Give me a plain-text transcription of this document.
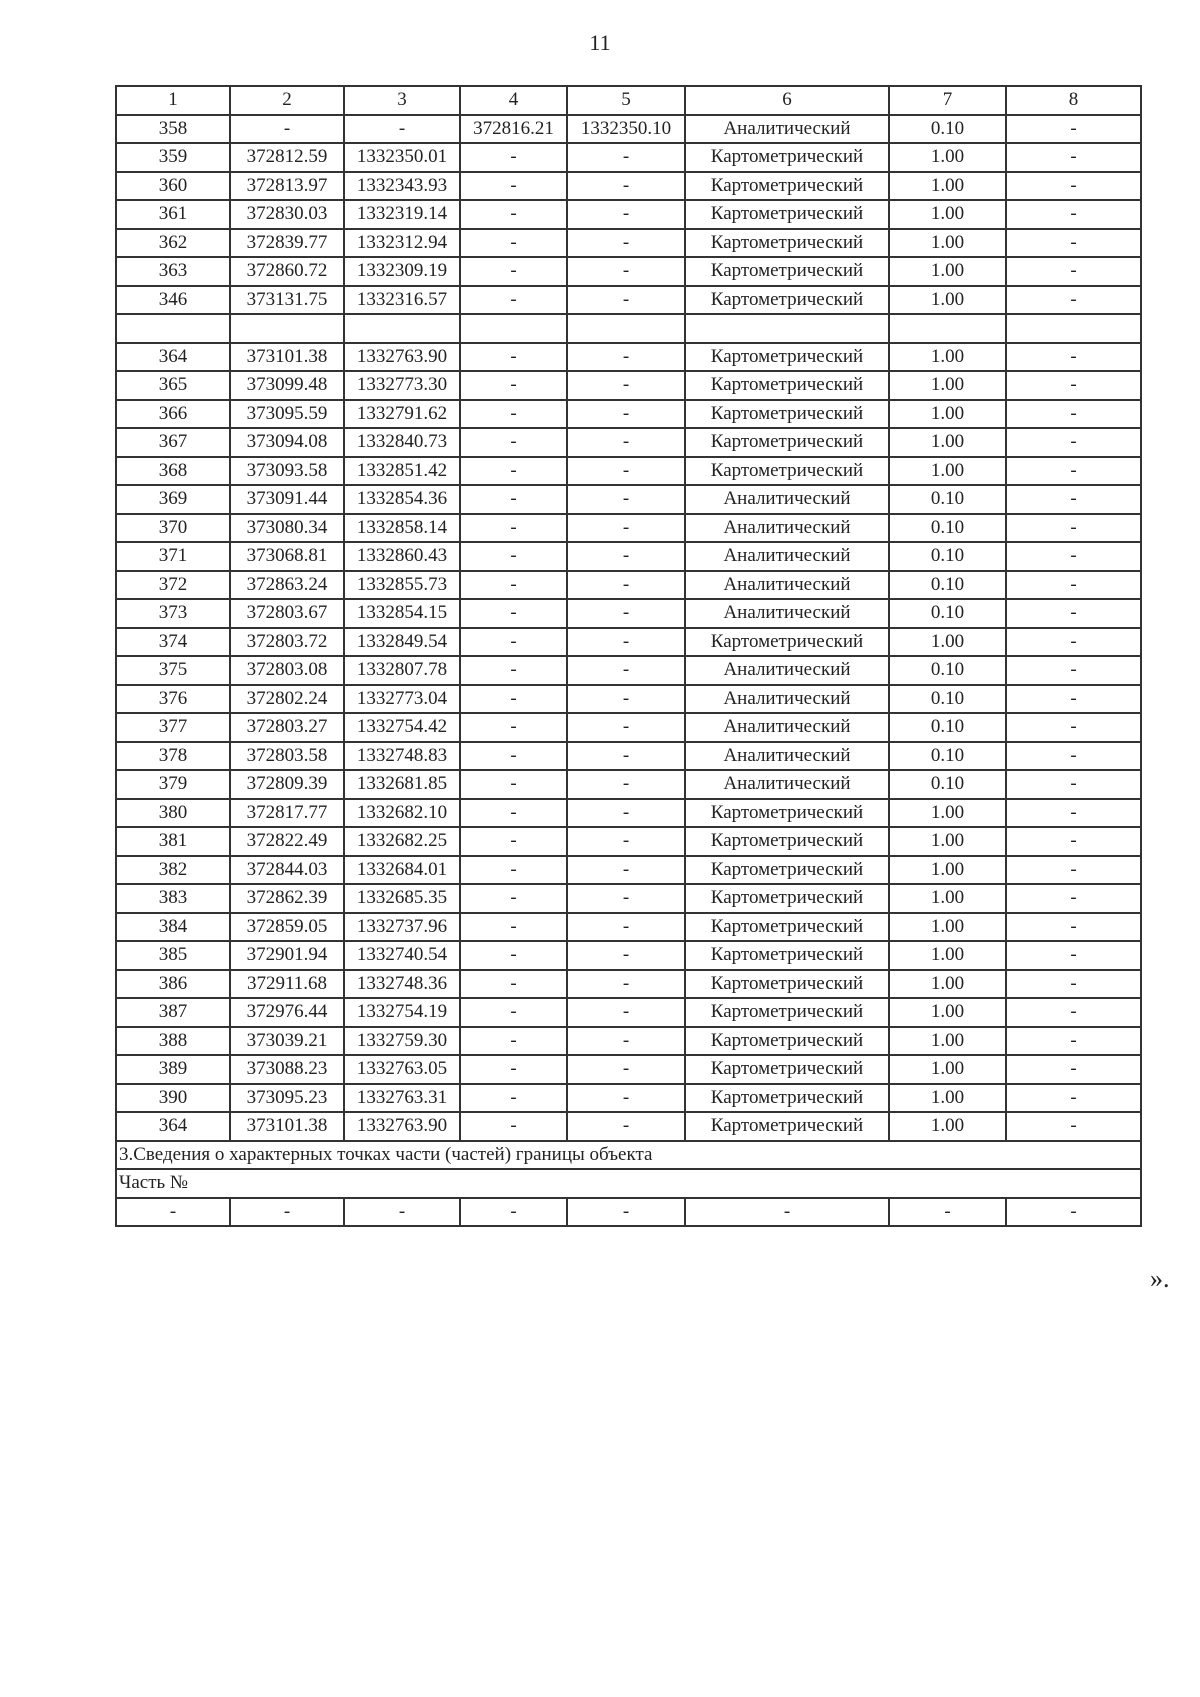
11
1	2	3	4	5	6	7	8
358	-	-	372816.21	1332350.10	Аналитический	0.10	-
359	372812.59	1332350.01	-	-	Картометрический	1.00	-
360	372813.97	1332343.93	-	-	Картометрический	1.00	-
361	372830.03	1332319.14	-	-	Картометрический	1.00	-
362	372839.77	1332312.94	-	-	Картометрический	1.00	-
363	372860.72	1332309.19	-	-	Картометрический	1.00	-
346	373131.75	1332316.57	-	-	Картометрический	1.00	-

364	373101.38	1332763.90	-	-	Картометрический	1.00	-
365	373099.48	1332773.30	-	-	Картометрический	1.00	-
366	373095.59	1332791.62	-	-	Картометрический	1.00	-
367	373094.08	1332840.73	-	-	Картометрический	1.00	-
368	373093.58	1332851.42	-	-	Картометрический	1.00	-
369	373091.44	1332854.36	-	-	Аналитический	0.10	-
370	373080.34	1332858.14	-	-	Аналитический	0.10	-
371	373068.81	1332860.43	-	-	Аналитический	0.10	-
372	372863.24	1332855.73	-	-	Аналитический	0.10	-
373	372803.67	1332854.15	-	-	Аналитический	0.10	-
374	372803.72	1332849.54	-	-	Картометрический	1.00	-
375	372803.08	1332807.78	-	-	Аналитический	0.10	-
376	372802.24	1332773.04	-	-	Аналитический	0.10	-
377	372803.27	1332754.42	-	-	Аналитический	0.10	-
378	372803.58	1332748.83	-	-	Аналитический	0.10	-
379	372809.39	1332681.85	-	-	Аналитический	0.10	-
380	372817.77	1332682.10	-	-	Картометрический	1.00	-
381	372822.49	1332682.25	-	-	Картометрический	1.00	-
382	372844.03	1332684.01	-	-	Картометрический	1.00	-
383	372862.39	1332685.35	-	-	Картометрический	1.00	-
384	372859.05	1332737.96	-	-	Картометрический	1.00	-
385	372901.94	1332740.54	-	-	Картометрический	1.00	-
386	372911.68	1332748.36	-	-	Картометрический	1.00	-
387	372976.44	1332754.19	-	-	Картометрический	1.00	-
388	373039.21	1332759.30	-	-	Картометрический	1.00	-
389	373088.23	1332763.05	-	-	Картометрический	1.00	-
390	373095.23	1332763.31	-	-	Картометрический	1.00	-
364	373101.38	1332763.90	-	-	Картометрический	1.00	-
3.Сведения о характерных точках части (частей) границы объекта							
Часть №							
-	-	-	-	-	-	-	-
».
